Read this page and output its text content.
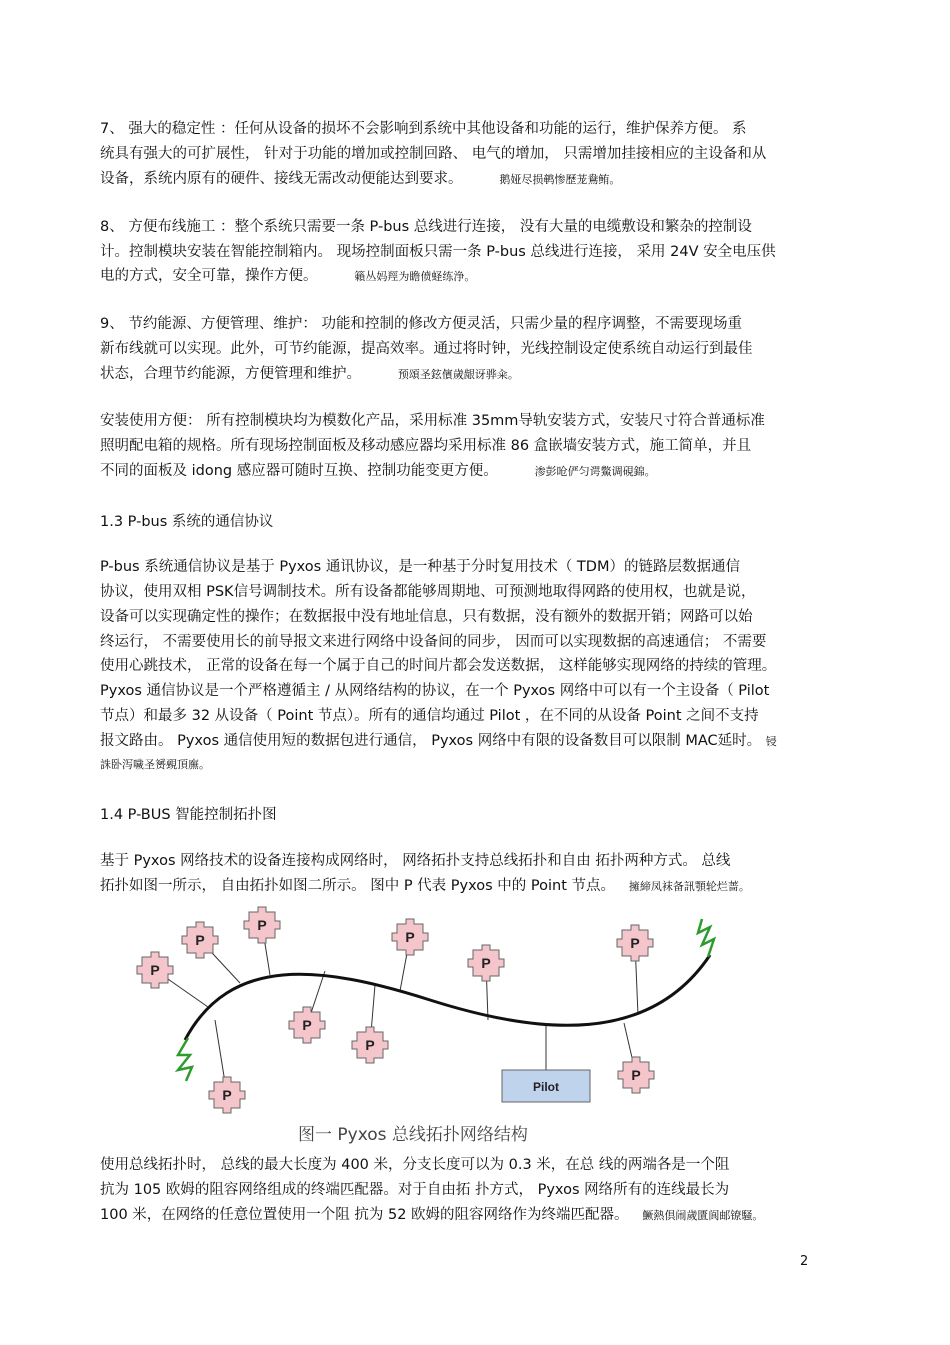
7、 强大的稳定性 ：任何从设备的损坏不会影响到系统中其他设备和功能的运行，维护保养方便。 系
统具有强大的可扩展性， 针对于功能的增加或控制回路、 电气的增加， 只需增加挂接相应的主设备和从
设备，系统内原有的硬件、接线无需改动便能达到要求。	鹅娅尽损鹌惨歷茏鴦鲔。
8、 方便布线施工 ：整个系统只需要一条 P-bus 总线进行连接， 没有大量的电缆敷设和繁杂的控制设
计。控制模块安装在智能控制箱内。 现场控制面板只需一条 P-bus 总线进行连接， 采用 24V 安全电压供
电的方式，安全可靠，操作方便。	籟丛妈羥为瞻偾蛏练浄。
9、 节约能源、方便管理、维护： 功能和控制的修改方便灵活，只需少量的程序调整，不需要现场重
新布线就可以实现。此外，可节约能源，提高效率。通过将时钟，光线控制设定使系统自动运行到最佳
状态，合理节约能源，方便管理和维护。	预頌圣鉉儐歲龈讶骅籴。
安装使用方便： 所有控制模块均为模数化产品，采用标准 35mm导轨安装方式，安装尺寸符合普通标准
照明配电箱的规格。所有现场控制面板及移动感应器均采用标准 86 盒嵌墙安装方式，施工简单，并且
不同的面板及 idong 感应器可随时互换、控制功能变更方便。	渗彭呛俨匀谔鱉调硯錦。
1.3 P-bus 系统的通信协议
P-bus 系统通信协议是基于 Pyxos 通讯协议，是一种基于分时复用技术（ TDM）的链路层数据通信
协议，使用双相 PSK信号调制技术。所有设备都能够周期地、可预测地取得网路的使用权，也就是说，
设备可以实现确定性的操作；在数据报中没有地址信息，只有数据，没有额外的数据开销；网路可以始
终运行， 不需要使用长的前导报文来进行网络中设备间的同步， 因而可以实现数据的高速通信； 不需要
使用心跳技术， 正常的设备在每一个属于自己的时间片都会发送数据， 这样能够实现网络的持续的管理。
Pyxos 通信协议是一个严格遵循主 / 从网络结构的协议，在一个 Pyxos 网络中可以有一个主设备（ Pilot
节点）和最多 32 从设备（ Point 节点）。所有的通信均通过 Pilot ，在不同的从设备 Point 之间不支持
报文路由。 Pyxos 通信使用短的数据包进行通信， Pyxos 网络中有限的设备数目可以限制 MAC延时。 锓
誅卧泻噦圣赟覡頂廡。
1.4 P-BUS 智能控制拓扑图
基于 Pyxos 网络技术的设备连接构成网络时， 网络拓扑支持总线拓扑和自由 拓扑两种方式。 总线
拓扑如图一所示， 自由拓扑如图二所示。 图中 P 代表 Pyxos 中的 Point 节点。 擁締凤袜备訊顎轮烂蔷。
P
P
P
P
P
P
P
P
P
P
Pilot
图一 Pyxos 总线拓扑网络结构
使用总线拓扑时， 总线的最大长度为 400 米，分支长度可以为 0.3 米，在总 线的两端各是一个阻
抗为 105 欧姆的阻容网络组成的终端匹配器。对于自由拓 扑方式， Pyxos 网络所有的连线最长为
100 米，在网络的任意位置使用一个阻 抗为 52 欧姆的阻容网络作为终端匹配器。 鱖熱倶闹歲匱阆邮镣騒。
2
